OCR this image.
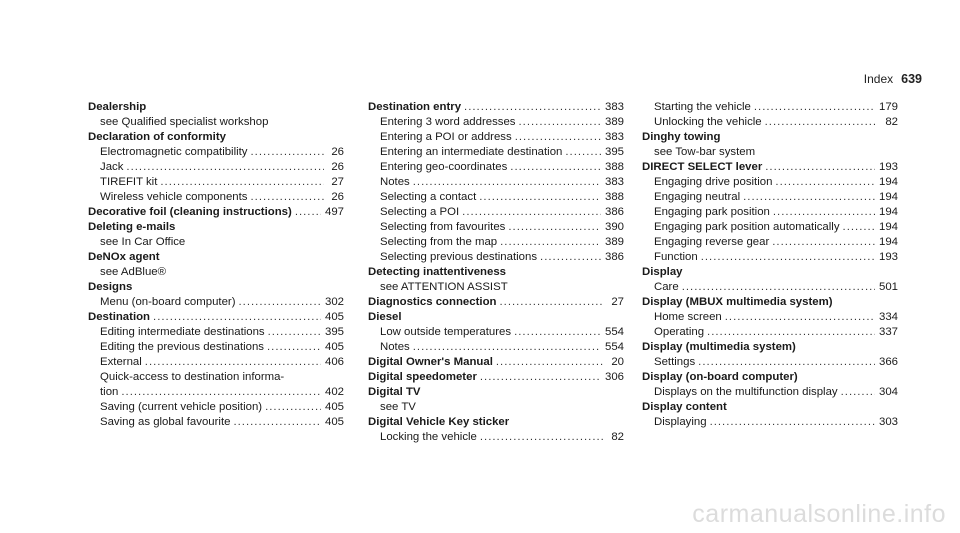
Index 639
Dealership
see Qualified specialist workshop
Declaration of conformity
Electromagnetic compatibility .....	26
Jack .....	26
TIREFIT kit .....	27
Wireless vehicle components .....	26
Decorative foil (cleaning instructions) .....	497
Deleting e-mails
see In Car Office
DeNOx agent
see AdBlue®
Designs
Menu (on-board computer) .....	302
Destination .....	405
Editing intermediate destinations .....	395
Editing the previous destinations .....	405
External .....	406
Quick-access to destination informa-
tion .....	402
Saving (current vehicle position) .....	405
Saving as global favourite .....	405
Destination entry .....	383
Entering 3 word addresses .....	389
Entering a POI or address .....	383
Entering an intermediate destination .....	395
Entering geo-coordinates .....	388
Notes .....	383
Selecting a contact .....	388
Selecting a POI .....	386
Selecting from favourites .....	390
Selecting from the map .....	389
Selecting previous destinations .....	386
Detecting inattentiveness
see ATTENTION ASSIST
Diagnostics connection .....	27
Diesel
Low outside temperatures .....	554
Notes .....	554
Digital Owner's Manual .....	20
Digital speedometer .....	306
Digital TV
see TV
Digital Vehicle Key sticker
Locking the vehicle .....	82
Starting the vehicle .....	179
Unlocking the vehicle .....	82
Dinghy towing
see Tow-bar system
DIRECT SELECT lever .....	193
Engaging drive position .....	194
Engaging neutral .....	194
Engaging park position .....	194
Engaging park position automatically .....	194
Engaging reverse gear .....	194
Function .....	193
Display
Care .....	501
Display (MBUX multimedia system)
Home screen .....	334
Operating .....	337
Display (multimedia system)
Settings .....	366
Display (on-board computer)
Displays on the multifunction display .....	304
Display content
Displaying .....	303
carmanualsonline.info
